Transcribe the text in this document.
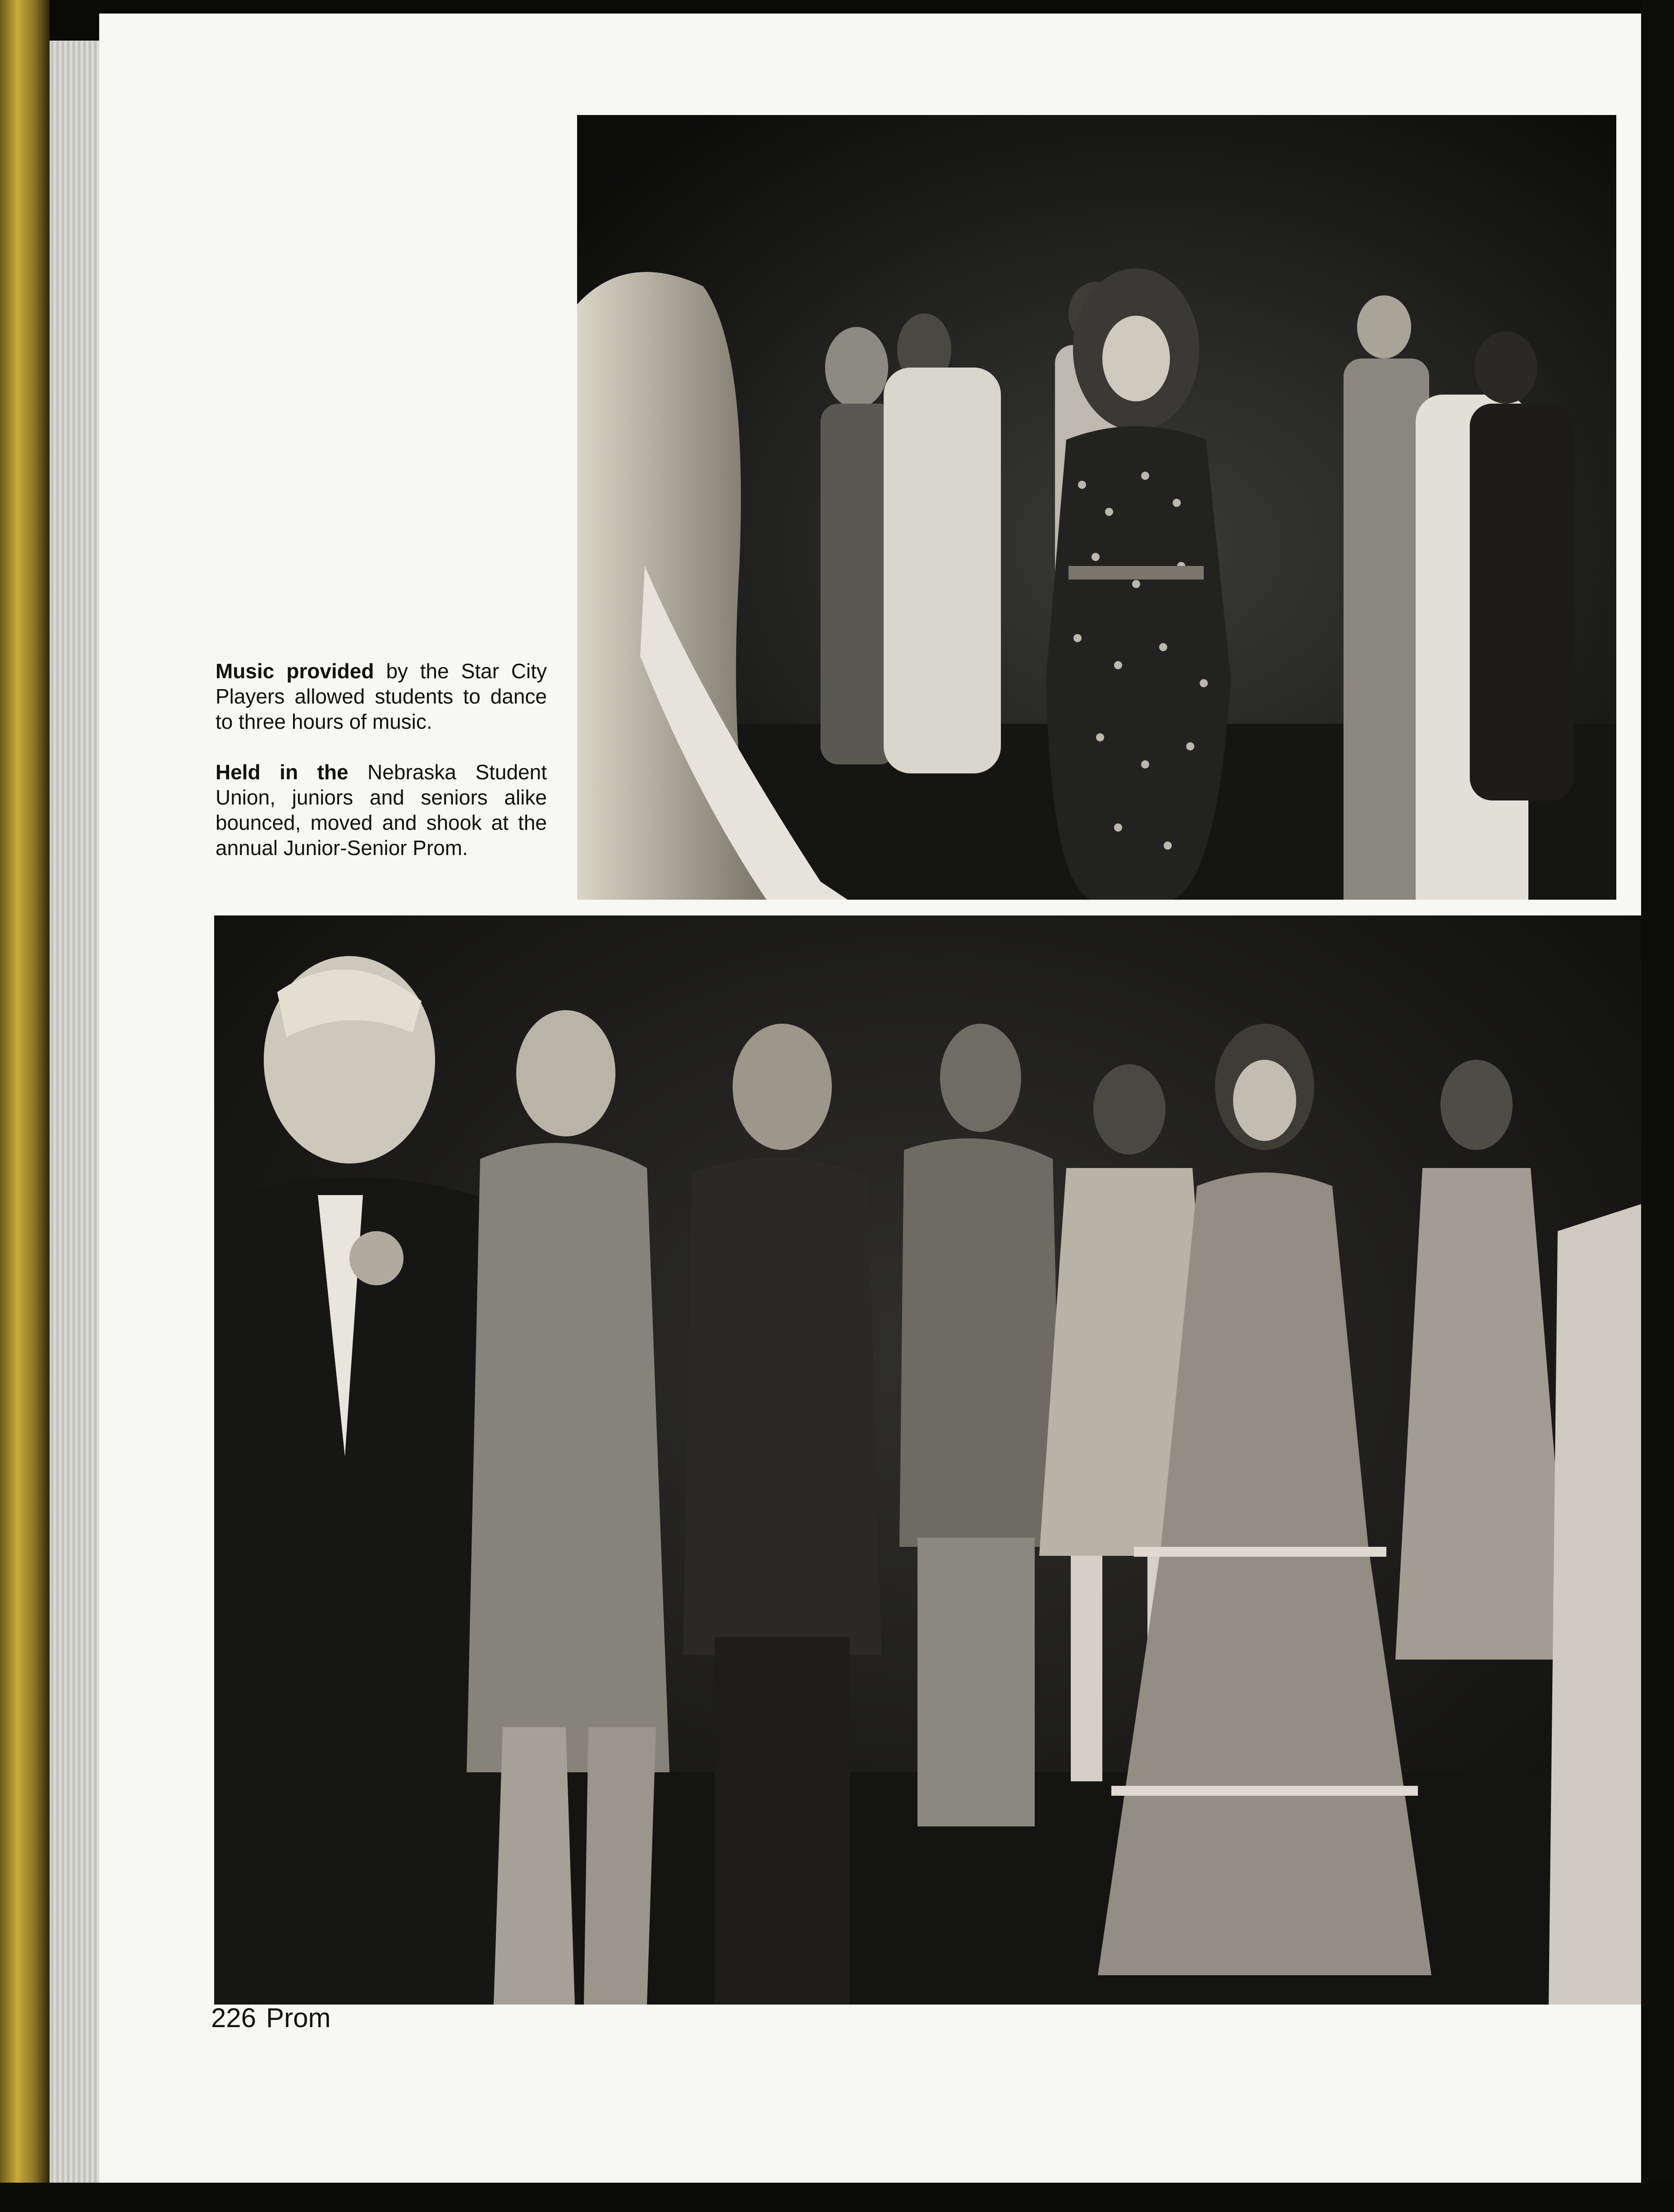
Music provided by the Star City Players allowed students to dance to three hours of music.

Held in the Nebraska Student Union, juniors and seniors alike bounced, moved and shook at the annual Junior-Senior Prom.

226 Prom
